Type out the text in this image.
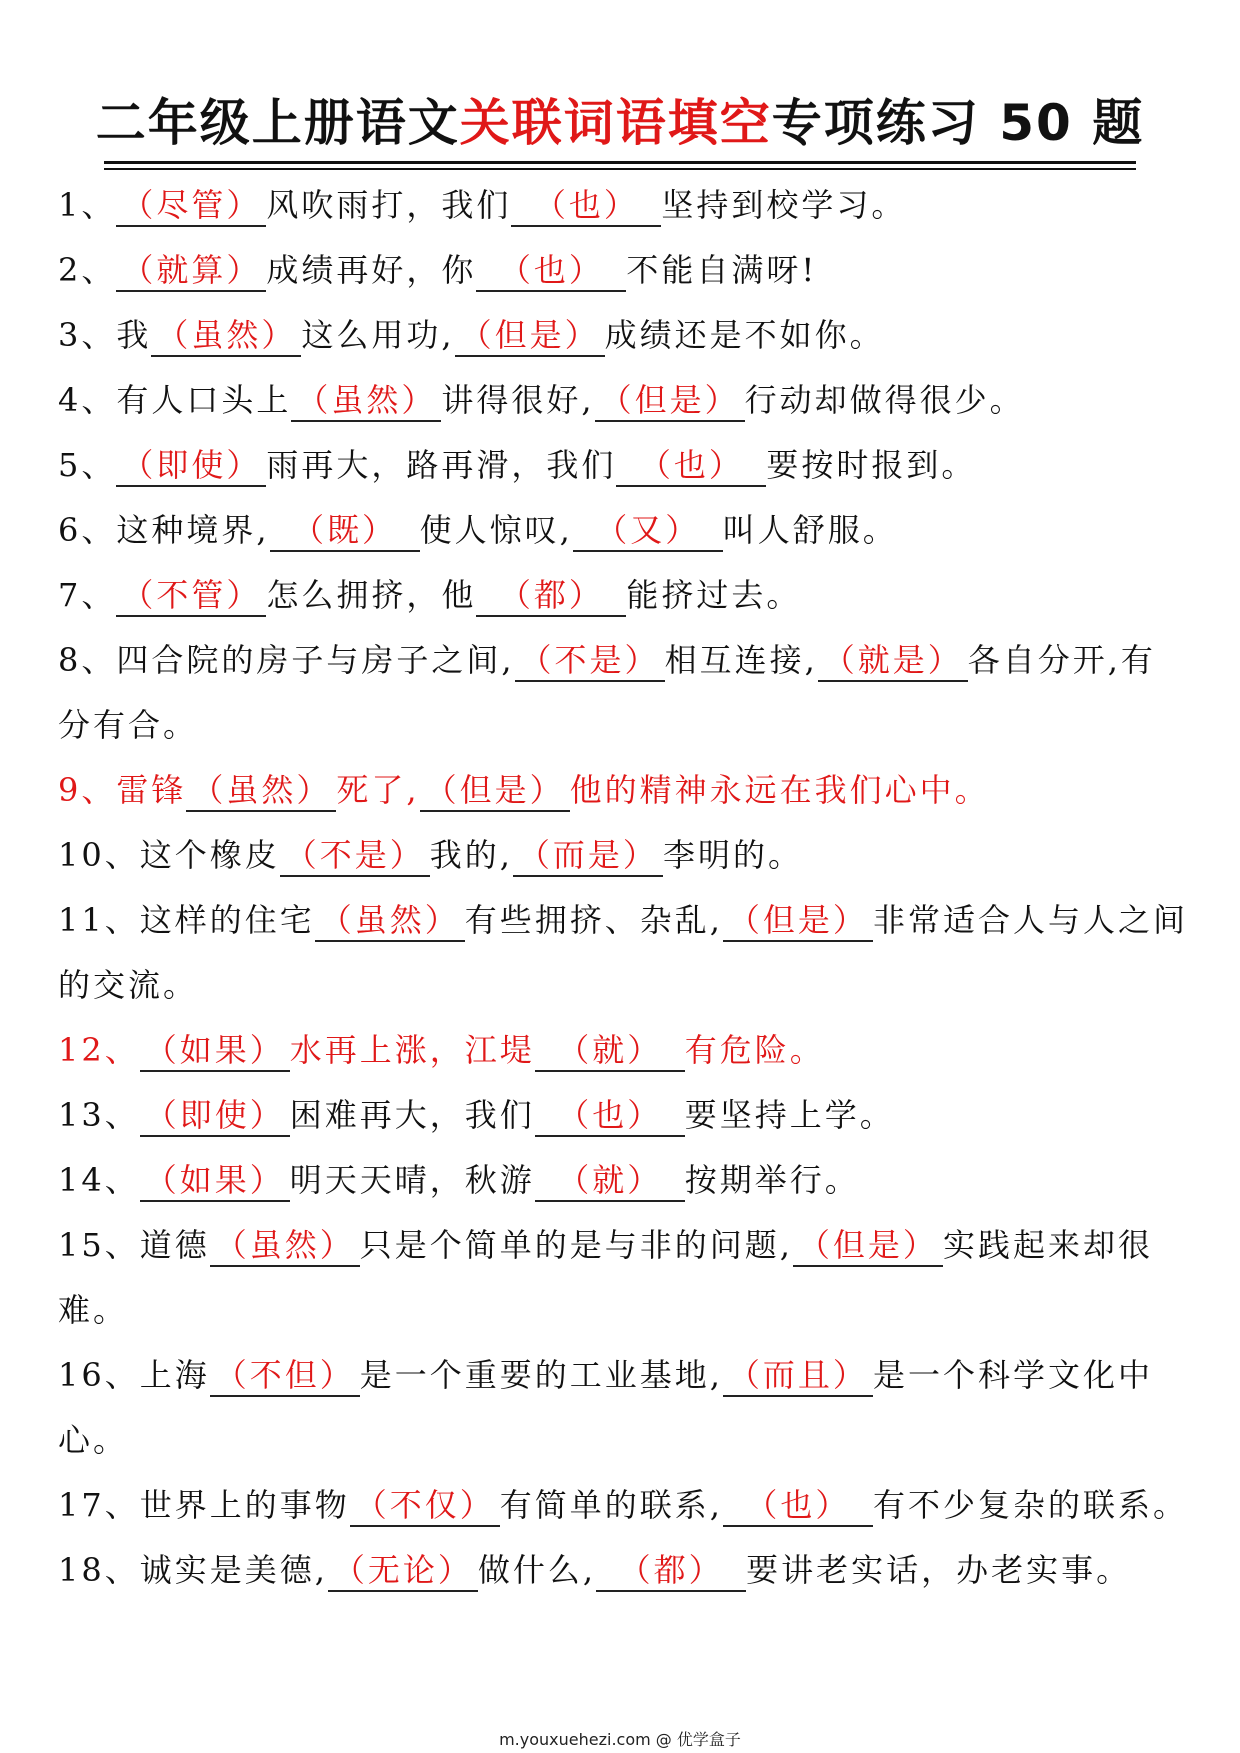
二年级上册语文关联词语填空专项练习 50 题
1、 （尽管） 风吹雨打，我们 （也） 坚持到校学习。
2、 （就算） 成绩再好，你 （也） 不能自满呀!
3、我 （虽然） 这么用功, （但是） 成绩还是不如你。
4、有人口头上 （虽然） 讲得很好, （但是） 行动却做得很少。
5、 （即使） 雨再大，路再滑，我们 （也） 要按时报到。
6、这种境界, （既） 使人惊叹, （又） 叫人舒服。
7、 （不管） 怎么拥挤，他 （都） 能挤过去。
8、四合院的房子与房子之间, （不是） 相互连接, （就是） 各自分开,有分有合。
9、雷锋 （虽然） 死了, （但是） 他的精神永远在我们心中。
10、这个橡皮 （不是） 我的, （而是） 李明的。
11、这样的住宅 （虽然） 有些拥挤、杂乱, （但是） 非常适合人与人之间的交流。
12、 （如果） 水再上涨，江堤 （就） 有危险。
13、 （即使） 困难再大，我们 （也） 要坚持上学。
14、 （如果） 明天天晴，秋游 （就） 按期举行。
15、道德 （虽然） 只是个简单的是与非的问题, （但是） 实践起来却很难。
16、上海 （不但） 是一个重要的工业基地, （而且） 是一个科学文化中心。
17、世界上的事物 （不仅） 有简单的联系, （也） 有不少复杂的联系。
18、诚实是美德, （无论） 做什么, （都） 要讲老实话，办老实事。
m.youxuehezi.com @ 优学盒子
